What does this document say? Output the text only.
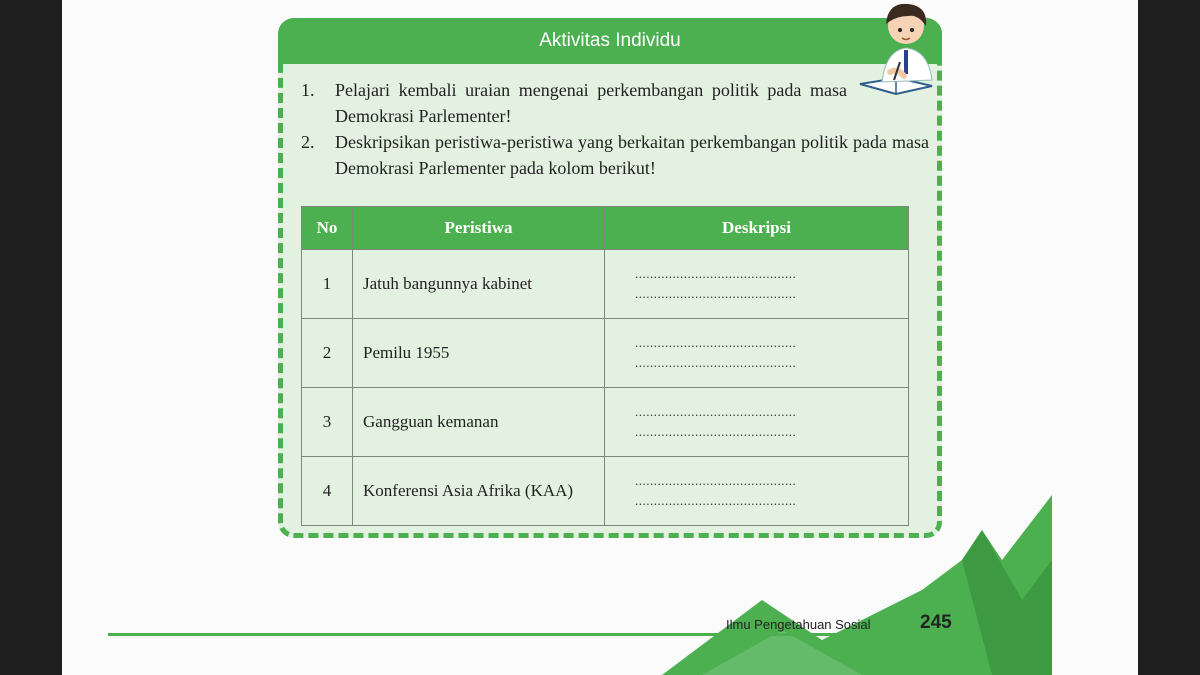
Aktivitas Individu
1. Pelajari kembali uraian mengenai perkembangan politik pada masa Demokrasi Parlementer!
2. Deskripsikan peristiwa-peristiwa yang berkaitan perkembangan politik pada masa Demokrasi Parlementer pada kolom berikut!
No	Peristiwa	Deskripsi
1	Jatuh bangunnya kabinet	...........................................
...........................................

2	Pemilu 1955	...........................................
...........................................

3	Gangguan kemanan	...........................................
...........................................

4	Konferensi Asia Afrika (KAA)	...........................................
...........................................
Ilmu Pengetahuan Sosial	245
